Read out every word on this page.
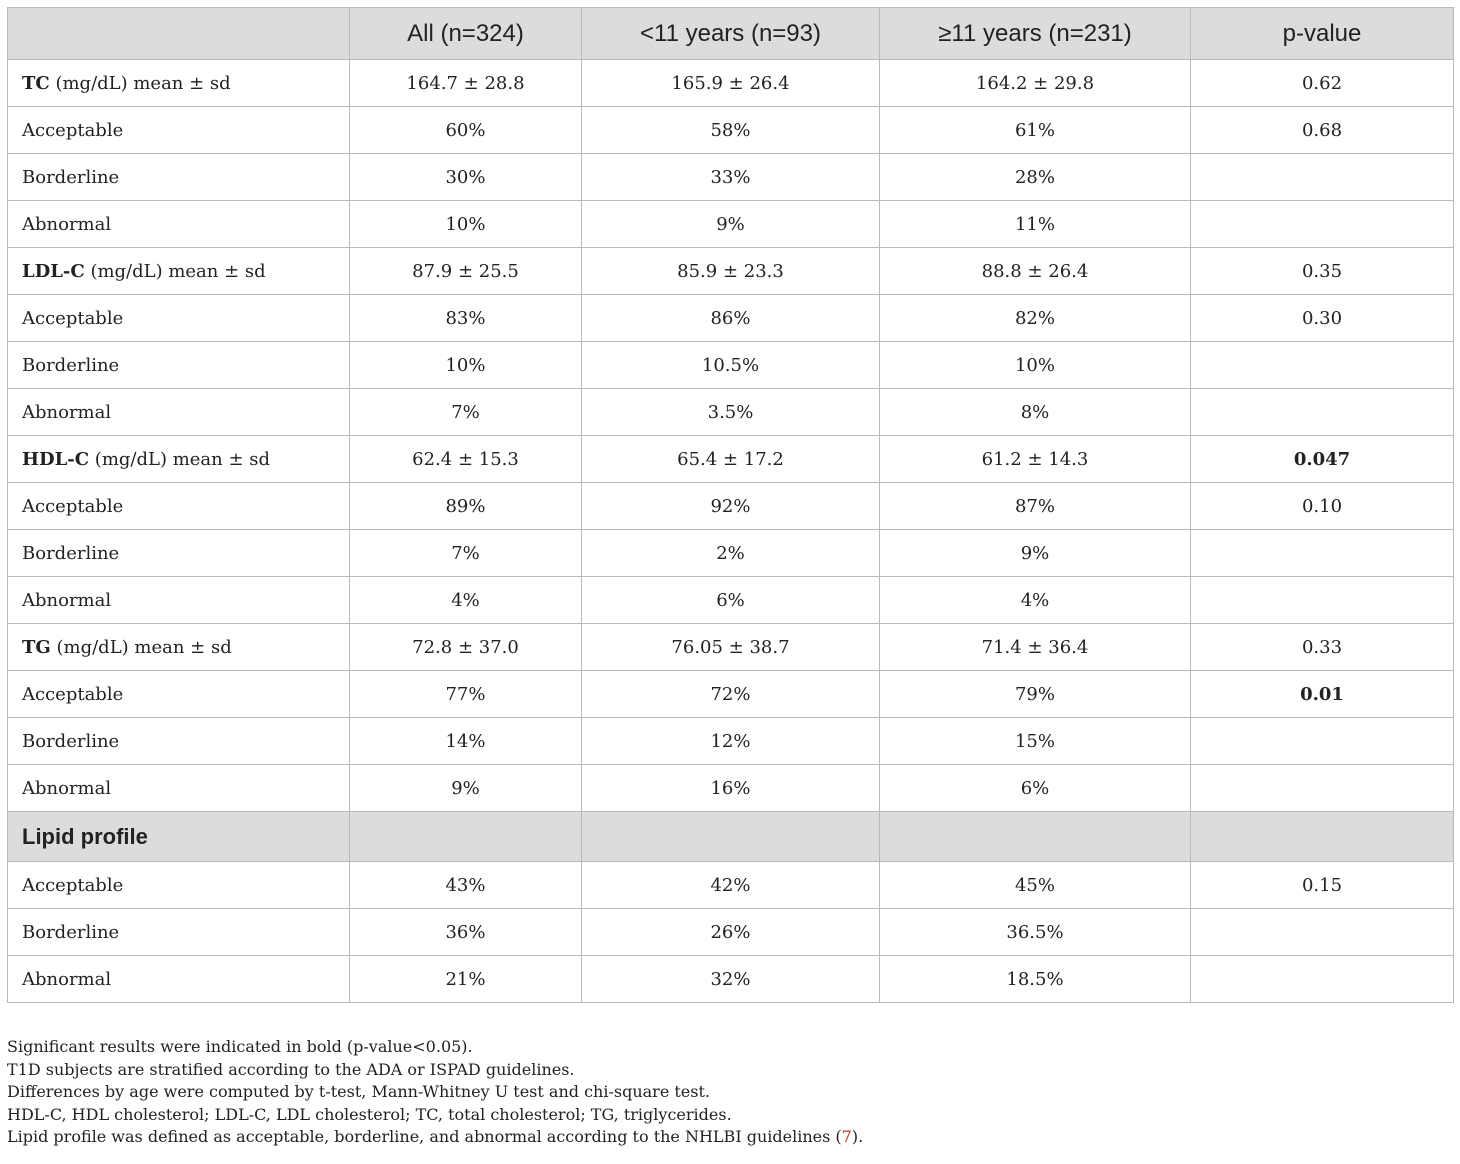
	All (n=324)	<11 years (n=93)	≥11 years (n=231)	p-value
TC (mg/dL) mean ± sd	164.7 ± 28.8	165.9 ± 26.4	164.2 ± 29.8	0.62
Acceptable	60%	58%	61%	0.68
Borderline	30%	33%	28%	
Abnormal	10%	9%	11%	
LDL-C (mg/dL) mean ± sd	87.9 ± 25.5	85.9 ± 23.3	88.8 ± 26.4	0.35
Acceptable	83%	86%	82%	0.30
Borderline	10%	10.5%	10%	
Abnormal	7%	3.5%	8%	
HDL-C (mg/dL) mean ± sd	62.4 ± 15.3	65.4 ± 17.2	61.2 ± 14.3	0.047
Acceptable	89%	92%	87%	0.10
Borderline	7%	2%	9%	
Abnormal	4%	6%	4%	
TG (mg/dL) mean ± sd	72.8 ± 37.0	76.05 ± 38.7	71.4 ± 36.4	0.33
Acceptable	77%	72%	79%	0.01
Borderline	14%	12%	15%	
Abnormal	9%	16%	6%	
Lipid profile				
Acceptable	43%	42%	45%	0.15
Borderline	36%	26%	36.5%	
Abnormal	21%	32%	18.5%	

Significant results were indicated in bold (p-value<0.05).

T1D subjects are stratified according to the ADA or ISPAD guidelines.

Differences by age were computed by t-test, Mann-Whitney U test and chi-square test.

HDL-C, HDL cholesterol; LDL-C, LDL cholesterol; TC, total cholesterol; TG, triglycerides.

Lipid profile was defined as acceptable, borderline, and abnormal according to the NHLBI guidelines (7).
